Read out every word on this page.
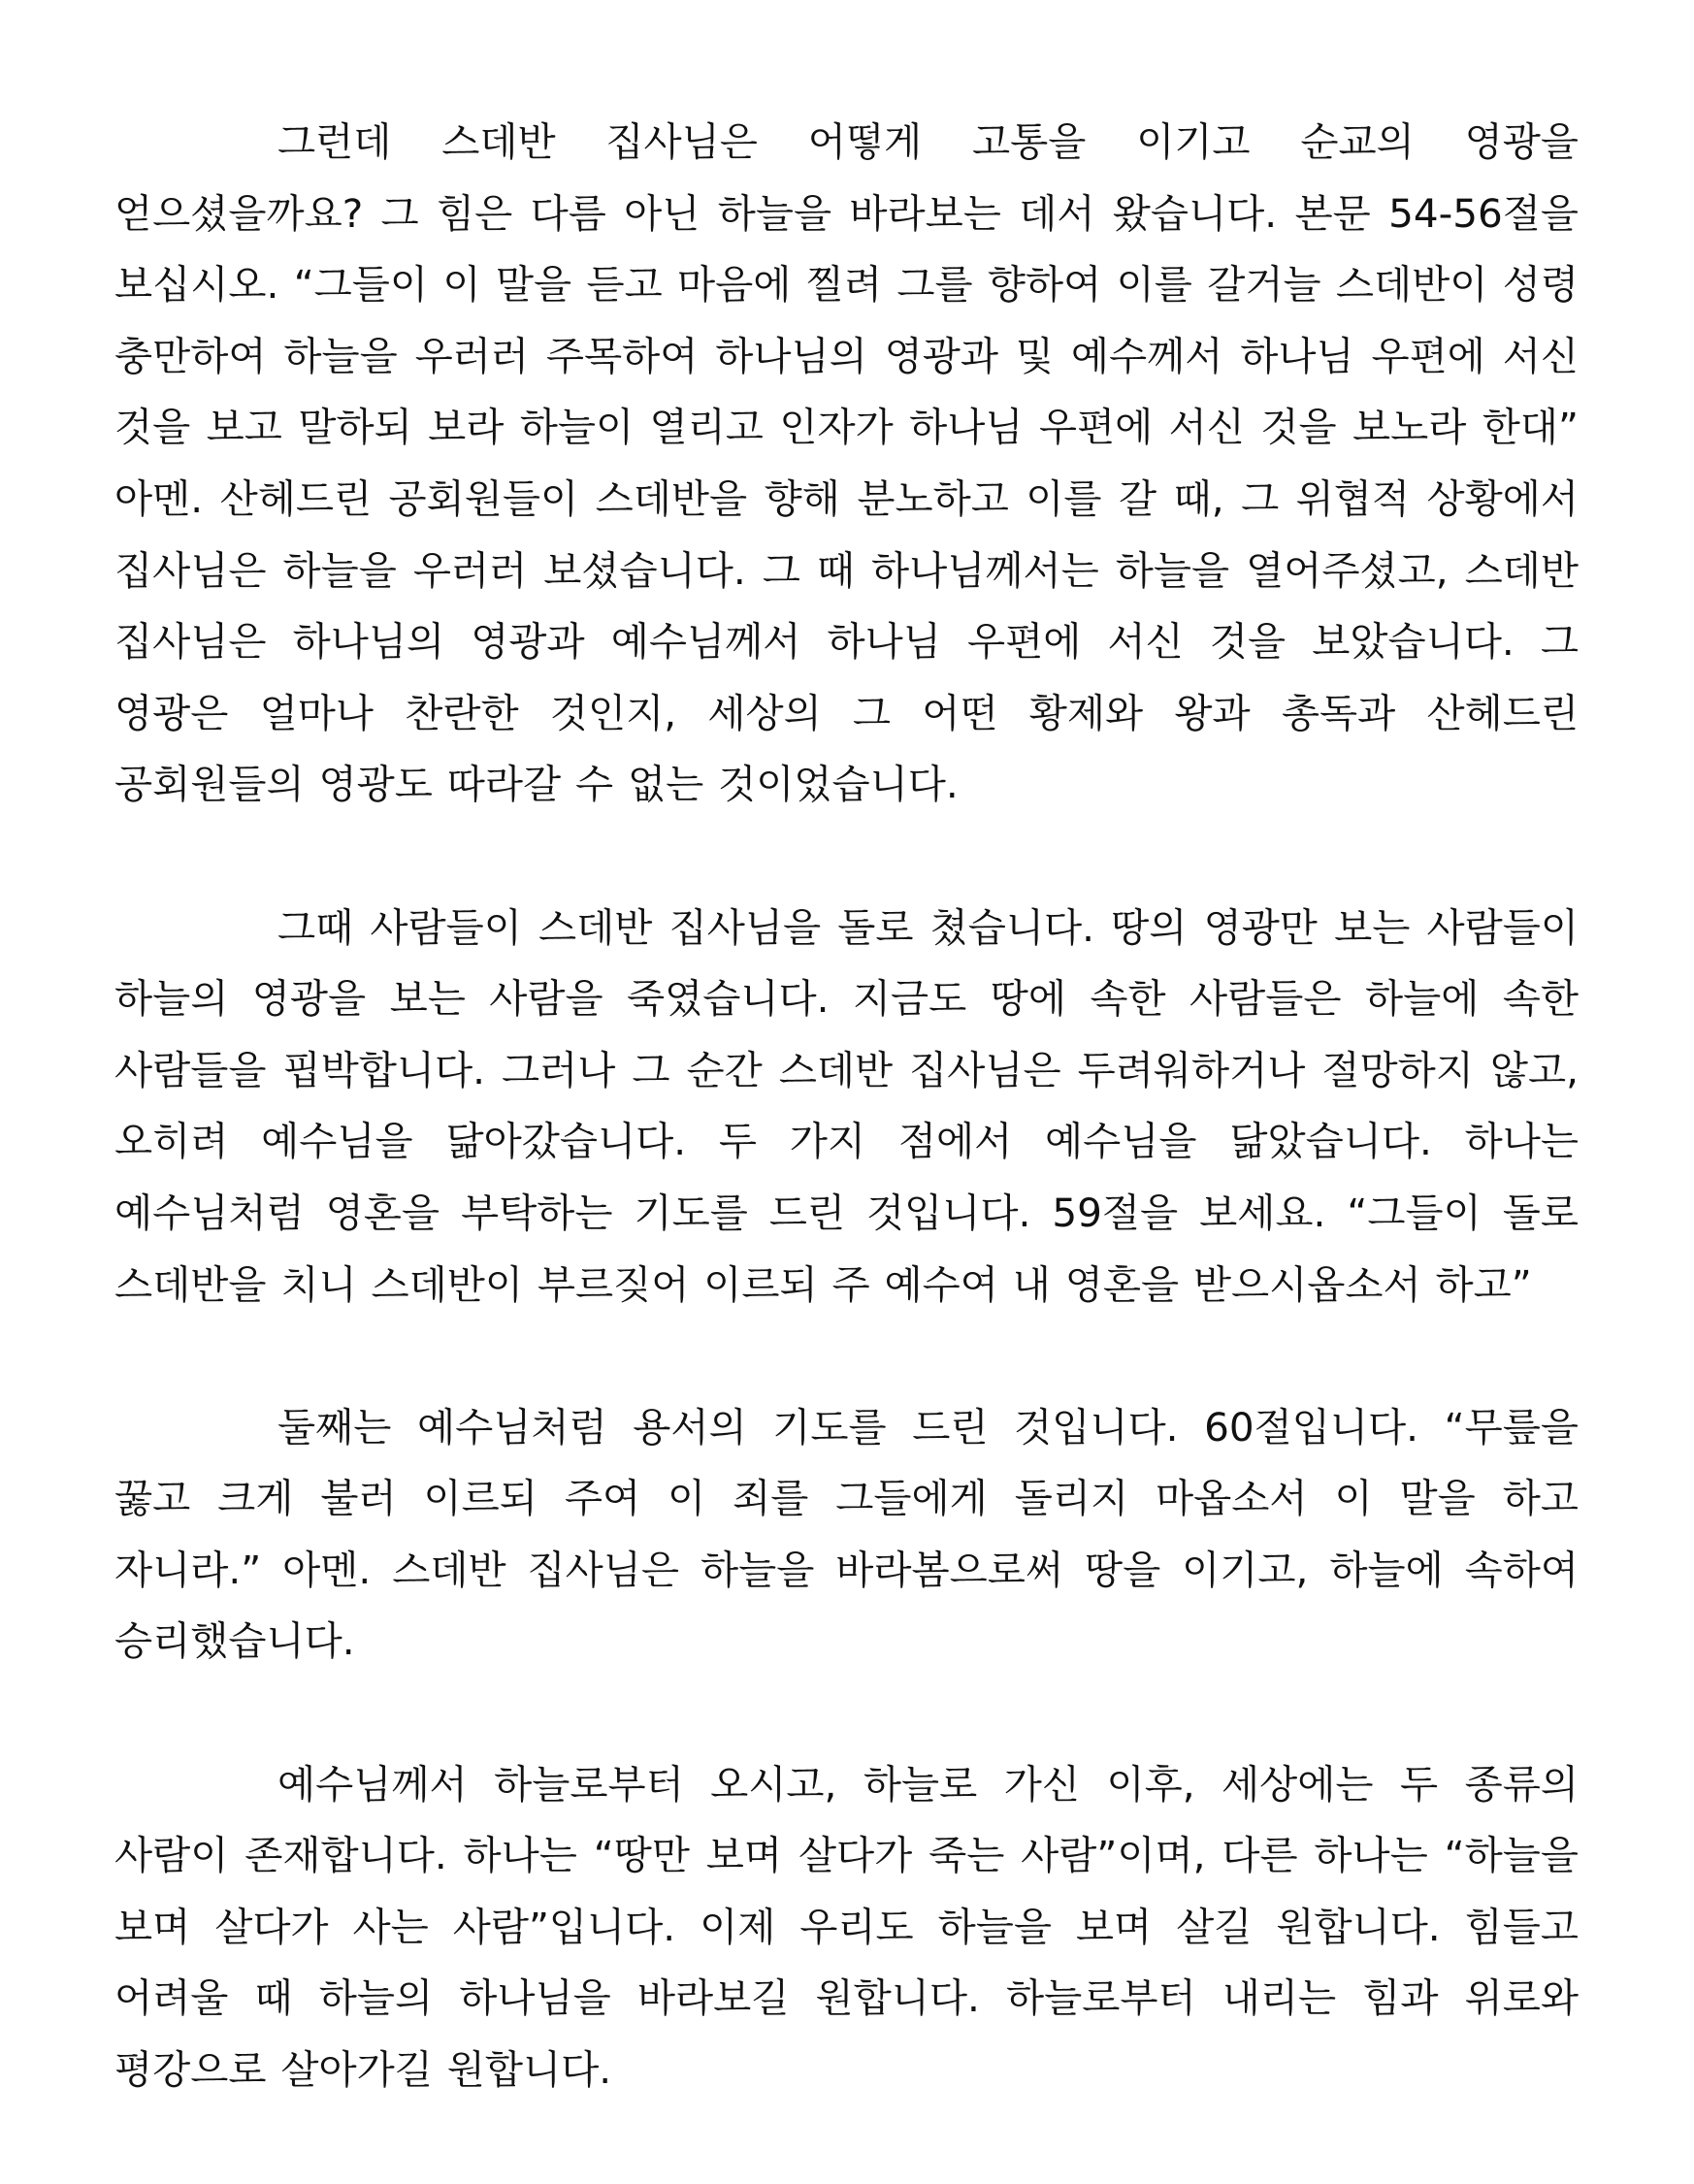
그런데 스데반 집사님은 어떻게 고통을 이기고 순교의 영광을 얻으셨을까요? 그 힘은 다름 아닌 하늘을 바라보는 데서 왔습니다. 본문 54-56절을 보십시오. “그들이 이 말을 듣고 마음에 찔려 그를 향하여 이를 갈거늘 스데반이 성령 충만하여 하늘을 우러러 주목하여 하나님의 영광과 및 예수께서 하나님 우편에 서신 것을 보고 말하되 보라 하늘이 열리고 인자가 하나님 우편에 서신 것을 보노라 한대” 아멘. 산헤드린 공회원들이 스데반을 향해 분노하고 이를 갈 때, 그 위협적 상황에서 집사님은 하늘을 우러러 보셨습니다. 그 때 하나님께서는 하늘을 열어주셨고, 스데반 집사님은 하나님의 영광과 예수님께서 하나님 우편에 서신 것을 보았습니다. 그 영광은 얼마나 찬란한 것인지, 세상의 그 어떤 황제와 왕과 총독과 산헤드린 공회원들의 영광도 따라갈 수 없는 것이었습니다.

그때 사람들이 스데반 집사님을 돌로 쳤습니다. 땅의 영광만 보는 사람들이 하늘의 영광을 보는 사람을 죽였습니다. 지금도 땅에 속한 사람들은 하늘에 속한 사람들을 핍박합니다. 그러나 그 순간 스데반 집사님은 두려워하거나 절망하지 않고, 오히려 예수님을 닮아갔습니다. 두 가지 점에서 예수님을 닮았습니다. 하나는 예수님처럼 영혼을 부탁하는 기도를 드린 것입니다. 59절을 보세요. “그들이 돌로 스데반을 치니 스데반이 부르짖어 이르되 주 예수여 내 영혼을 받으시옵소서 하고”

둘째는 예수님처럼 용서의 기도를 드린 것입니다. 60절입니다. “무릎을 꿇고 크게 불러 이르되 주여 이 죄를 그들에게 돌리지 마옵소서 이 말을 하고 자니라.” 아멘. 스데반 집사님은 하늘을 바라봄으로써 땅을 이기고, 하늘에 속하여 승리했습니다.

예수님께서 하늘로부터 오시고, 하늘로 가신 이후, 세상에는 두 종류의 사람이 존재합니다. 하나는 “땅만 보며 살다가 죽는 사람”이며, 다른 하나는 “하늘을 보며 살다가 사는 사람”입니다. 이제 우리도 하늘을 보며 살길 원합니다. 힘들고 어려울 때 하늘의 하나님을 바라보길 원합니다. 하늘로부터 내리는 힘과 위로와 평강으로 살아가길 원합니다.
